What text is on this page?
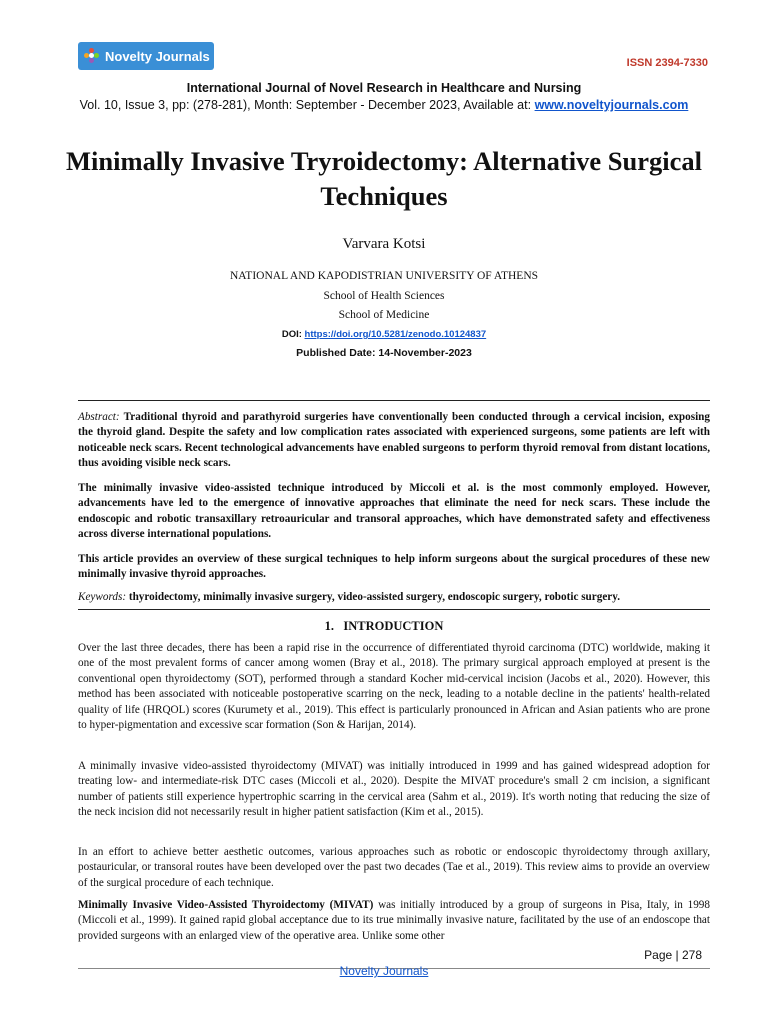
Novelty Journals	ISSN 2394-7330
International Journal of Novel Research in Healthcare and Nursing
Vol. 10, Issue 3, pp: (278-281), Month: September - December 2023, Available at: www.noveltyjournals.com
Minimally Invasive Tryroidectomy: Alternative Surgical Techniques
Varvara Kotsi
NATIONAL AND KAPODISTRIAN UNIVERSITY OF ATHENS
School of Health Sciences
School of Medicine
DOI: https://doi.org/10.5281/zenodo.10124837
Published Date: 14-November-2023
Abstract: Traditional thyroid and parathyroid surgeries have conventionally been conducted through a cervical incision, exposing the thyroid gland. Despite the safety and low complication rates associated with experienced surgeons, some patients are left with noticeable neck scars. Recent technological advancements have enabled surgeons to perform thyroid removal from distant locations, thus avoiding visible neck scars.
The minimally invasive video-assisted technique introduced by Miccoli et al. is the most commonly employed. However, advancements have led to the emergence of innovative approaches that eliminate the need for neck scars. These include the endoscopic and robotic transaxillary retroauricular and transoral approaches, which have demonstrated safety and effectiveness across diverse international populations.
This article provides an overview of these surgical techniques to help inform surgeons about the surgical procedures of these new minimally invasive thyroid approaches.
Keywords: thyroidectomy, minimally invasive surgery, video-assisted surgery, endoscopic surgery, robotic surgery.
1.   INTRODUCTION
Over the last three decades, there has been a rapid rise in the occurrence of differentiated thyroid carcinoma (DTC) worldwide, making it one of the most prevalent forms of cancer among women (Bray et al., 2018). The primary surgical approach employed at present is the conventional open thyroidectomy (SOT), performed through a standard Kocher mid-cervical incision (Jacobs et al., 2020). However, this method has been associated with noticeable postoperative scarring on the neck, leading to a notable decline in the patients' health-related quality of life (HRQOL) scores (Kurumety et al., 2019). This effect is particularly pronounced in African and Asian patients who are prone to hyper-pigmentation and excessive scar formation (Son & Harijan, 2014).
A minimally invasive video-assisted thyroidectomy (MIVAT) was initially introduced in 1999 and has gained widespread adoption for treating low- and intermediate-risk DTC cases (Miccoli et al., 2020). Despite the MIVAT procedure's small 2 cm incision, a significant number of patients still experience hypertrophic scarring in the cervical area (Sahm et al., 2019). It's worth noting that reducing the size of the neck incision did not necessarily result in higher patient satisfaction (Kim et al., 2015).
In an effort to achieve better aesthetic outcomes, various approaches such as robotic or endoscopic thyroidectomy through axillary, postauricular, or transoral routes have been developed over the past two decades (Tae et al., 2019). This review aims to provide an overview of the surgical procedure of each technique.
Minimally Invasive Video-Assisted Thyroidectomy (MIVAT) was initially introduced by a group of surgeons in Pisa, Italy, in 1998 (Miccoli et al., 1999). It gained rapid global acceptance due to its true minimally invasive nature, facilitated by the use of an endoscope that provided surgeons with an enlarged view of the operative area. Unlike some other
Page | 278
Novelty Journals
